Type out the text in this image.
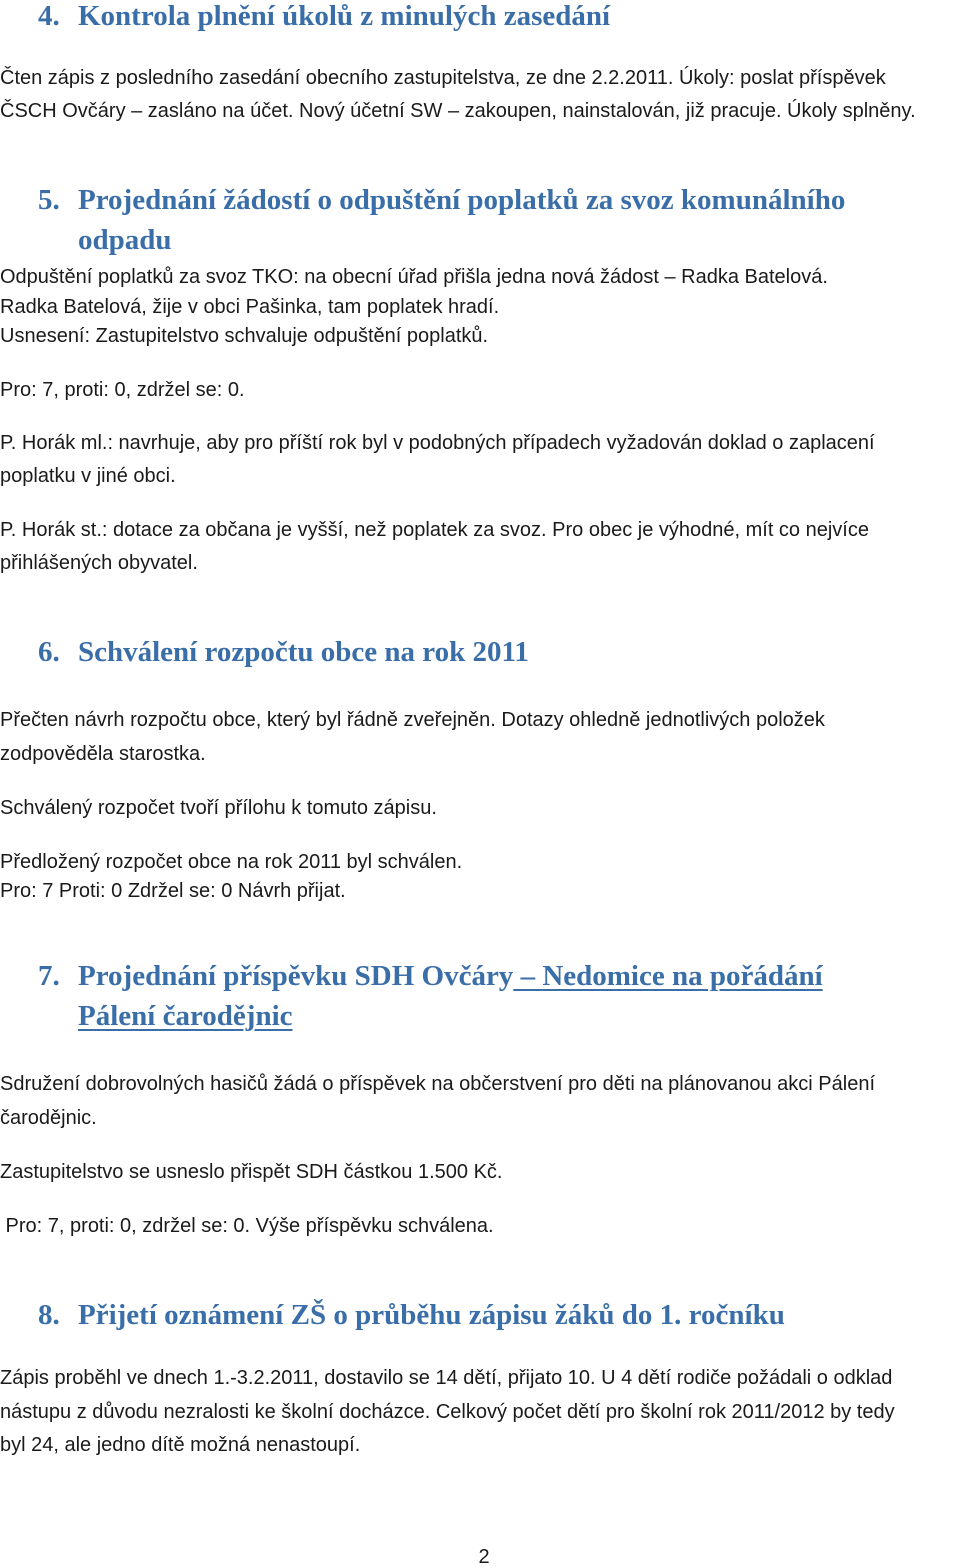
4. Kontrola plnění úkolů z minulých zasedání

Čten zápis z posledního zasedání obecního zastupitelstva, ze dne 2.2.2011. Úkoly: poslat příspěvek

ČSCH Ovčáry – zasláno na účet. Nový účetní SW – zakoupen, nainstalován, již pracuje. Úkoly splněny.

5. Projednání žádostí o odpuštění poplatků za svoz komunálního
odpadu

Odpuštění poplatků za svoz TKO: na obecní úřad přišla jedna nová žádost – Radka Batelová.

Radka Batelová, žije v obci Pašinka, tam poplatek hradí.

Usnesení: Zastupitelstvo schvaluje odpuštění poplatků.

Pro: 7, proti: 0, zdržel se: 0.

P. Horák ml.: navrhuje, aby pro příští rok byl v podobných případech vyžadován doklad o zaplacení

poplatku v jiné obci.

P. Horák st.: dotace za občana je vyšší, než poplatek za svoz. Pro obec je výhodné, mít co nejvíce

přihlášených obyvatel.

6. Schválení rozpočtu obce na rok 2011

Přečten návrh rozpočtu obce, který byl řádně zveřejněn. Dotazy ohledně jednotlivých položek

zodpověděla starostka.

Schválený rozpočet tvoří přílohu k tomuto zápisu.

Předložený rozpočet obce na rok 2011 byl schválen.

Pro: 7 Proti: 0 Zdržel se: 0 Návrh přijat.

7. Projednání příspěvku SDH Ovčáry – Nedomice na pořádání
Pálení čarodějnic

Sdružení dobrovolných hasičů žádá o příspěvek na občerstvení pro děti na plánovanou akci Pálení

čarodějnic.

Zastupitelstvo se usneslo přispět SDH částkou 1.500 Kč.

Pro: 7, proti: 0, zdržel se: 0. Výše příspěvku schválena.

8. Přijetí oznámení ZŠ o průběhu zápisu žáků do 1. ročníku

Zápis proběhl ve dnech 1.-3.2.2011, dostavilo se 14 dětí, přijato 10. U 4 dětí rodiče požádali o odklad

nástupu z důvodu nezralosti ke školní docházce. Celkový počet dětí pro školní rok 2011/2012 by tedy

byl 24, ale jedno dítě možná nenastoupí.

2
